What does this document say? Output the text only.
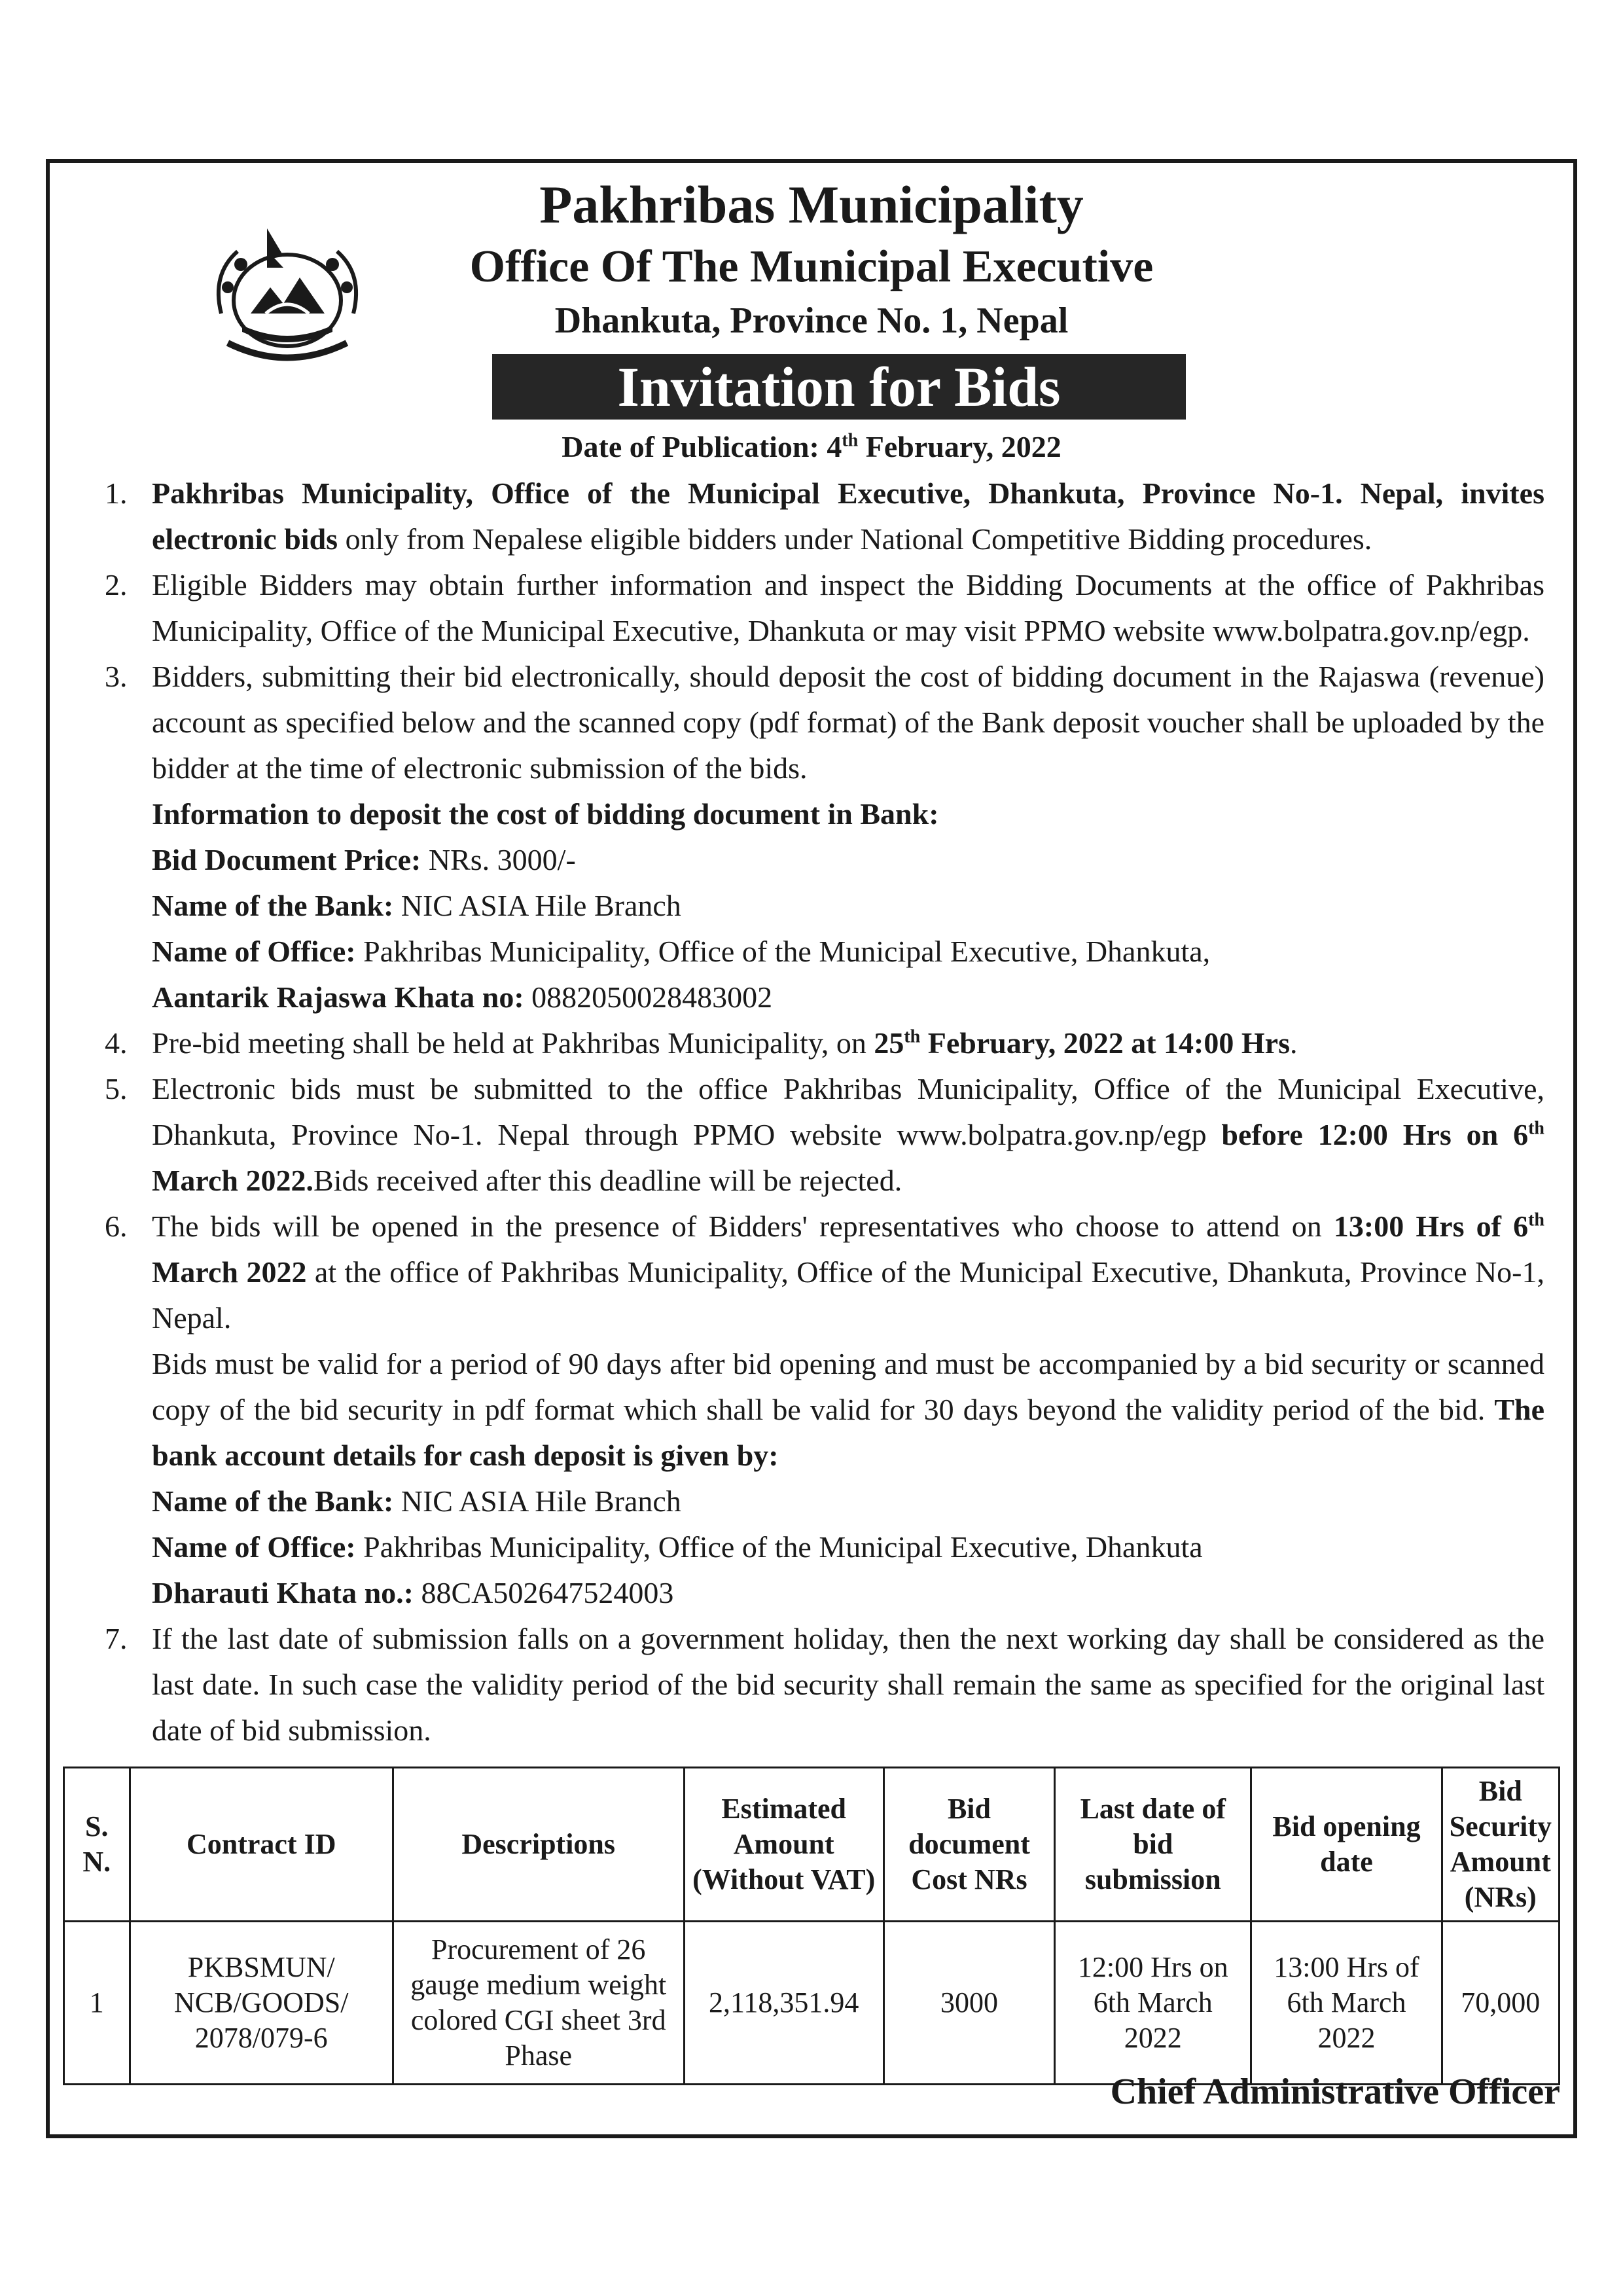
Pakhribas Municipality
Office Of The Municipal Executive
Dhankuta, Province No. 1, Nepal
Invitation for Bids
Date of Publication: 4th February, 2022
1. Pakhribas Municipality, Office of the Municipal Executive, Dhankuta, Province No-1. Nepal, invites electronic bids only from Nepalese eligible bidders under National Competitive Bidding procedures.
2. Eligible Bidders may obtain further information and inspect the Bidding Documents at the office of Pakhribas Municipality, Office of the Municipal Executive, Dhankuta or may visit PPMO website www.bolpatra.gov.np/egp.
3. Bidders, submitting their bid electronically, should deposit the cost of bidding document in the Rajaswa (revenue) account as specified below and the scanned copy (pdf format) of the Bank deposit voucher shall be uploaded by the bidder at the time of electronic submission of the bids.
Information to deposit the cost of bidding document in Bank:
Bid Document Price: NRs. 3000/-
Name of the Bank: NIC ASIA Hile Branch
Name of Office: Pakhribas Municipality, Office of the Municipal Executive, Dhankuta,
Aantarik Rajaswa Khata no: 0882050028483002
4. Pre-bid meeting shall be held at Pakhribas Municipality, on 25th February, 2022 at 14:00 Hrs.
5. Electronic bids must be submitted to the office Pakhribas Municipality, Office of the Municipal Executive, Dhankuta, Province No-1. Nepal through PPMO website www.bolpatra.gov.np/egp before 12:00 Hrs on 6th March 2022.Bids received after this deadline will be rejected.
6. The bids will be opened in the presence of Bidders' representatives who choose to attend on 13:00 Hrs of 6th March 2022 at the office of Pakhribas Municipality, Office of the Municipal Executive, Dhankuta, Province No-1, Nepal.
Bids must be valid for a period of 90 days after bid opening and must be accompanied by a bid security or scanned copy of the bid security in pdf format which shall be valid for 30 days beyond the validity period of the bid. The bank account details for cash deposit is given by:
Name of the Bank: NIC ASIA Hile Branch
Name of Office: Pakhribas Municipality, Office of the Municipal Executive, Dhankuta
Dharauti Khata no.: 88CA502647524003
7. If the last date of submission falls on a government holiday, then the next working day shall be considered as the last date. In such case the validity period of the bid security shall remain the same as specified for the original last date of bid submission.
S. N.	Contract ID	Descriptions	Estimated Amount (Without VAT)	Bid document Cost NRs	Last date of bid submission	Bid opening date	Bid Security Amount (NRs)
1	PKBSMUN/ NCB/GOODS/ 2078/079-6	Procurement of 26 gauge medium weight colored CGI sheet 3rd Phase	2,118,351.94	3000	12:00 Hrs on 6th March 2022	13:00 Hrs of 6th March 2022	70,000
Chief Administrative Officer
